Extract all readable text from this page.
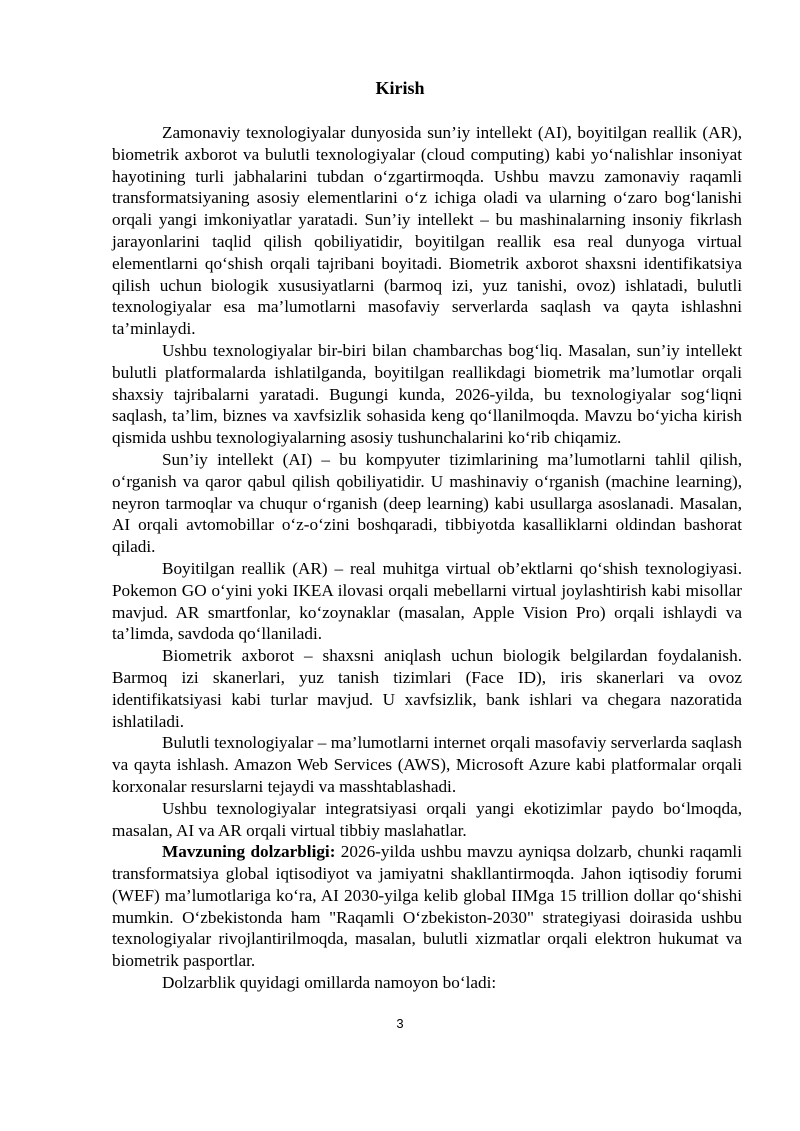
Kirish

Zamonaviy texnologiyalar dunyosida sun’iy intellekt (AI), boyitilgan reallik (AR), biometrik axborot va bulutli texnologiyalar (cloud computing) kabi yo‘nalishlar insoniyat hayotining turli jabhalarini tubdan o‘zgartirmoqda. Ushbu mavzu zamonaviy raqamli transformatsiyaning asosiy elementlarini o‘z ichiga oladi va ularning o‘zaro bog‘lanishi orqali yangi imkoniyatlar yaratadi. Sun’iy intellekt – bu mashinalarning insoniy fikrlash jarayonlarini taqlid qilish qobiliyatidir, boyitilgan reallik esa real dunyoga virtual elementlarni qo‘shish orqali tajribani boyitadi. Biometrik axborot shaxsni identifikatsiya qilish uchun biologik xususiyatlarni (barmoq izi, yuz tanishi, ovoz) ishlatadi, bulutli texnologiyalar esa ma’lumotlarni masofaviy serverlarda saqlash va qayta ishlashni ta’minlaydi.

Ushbu texnologiyalar bir-biri bilan chambarchas bog‘liq. Masalan, sun’iy intellekt bulutli platformalarda ishlatilganda, boyitilgan reallikdagi biometrik ma’lumotlar orqali shaxsiy tajribalarni yaratadi. Bugungi kunda, 2026-yilda, bu texnologiyalar sog‘liqni saqlash, ta’lim, biznes va xavfsizlik sohasida keng qo‘llanilmoqda. Mavzu bo‘yicha kirish qismida ushbu texnologiyalarning asosiy tushunchalarini ko‘rib chiqamiz.

Sun’iy intellekt (AI) – bu kompyuter tizimlarining ma’lumotlarni tahlil qilish, o‘rganish va qaror qabul qilish qobiliyatidir. U mashinaviy o‘rganish (machine learning), neyron tarmoqlar va chuqur o‘rganish (deep learning) kabi usullarga asoslanadi. Masalan, AI orqali avtomobillar o‘z-o‘zini boshqaradi, tibbiyotda kasalliklarni oldindan bashorat qiladi.

Boyitilgan reallik (AR) – real muhitga virtual ob’ektlarni qo‘shish texnologiyasi. Pokemon GO o‘yini yoki IKEA ilovasi orqali mebellarni virtual joylashtirish kabi misollar mavjud. AR smartfonlar, ko‘zoynaklar (masalan, Apple Vision Pro) orqali ishlaydi va ta’limda, savdoda qo‘llaniladi.

Biometrik axborot – shaxsni aniqlash uchun biologik belgilardan foydalanish. Barmoq izi skanerlari, yuz tanish tizimlari (Face ID), iris skanerlari va ovoz identifikatsiyasi kabi turlar mavjud. U xavfsizlik, bank ishlari va chegara nazoratida ishlatiladi.

Bulutli texnologiyalar – ma’lumotlarni internet orqali masofaviy serverlarda saqlash va qayta ishlash. Amazon Web Services (AWS), Microsoft Azure kabi platformalar orqali korxonalar resurslarni tejaydi va masshtablashadi.

Ushbu texnologiyalar integratsiyasi orqali yangi ekotizimlar paydo bo‘lmoqda, masalan, AI va AR orqali virtual tibbiy maslahatlar.

Mavzuning dolzarbligi: 2026-yilda ushbu mavzu ayniqsa dolzarb, chunki raqamli transformatsiya global iqtisodiyot va jamiyatni shakllantirmoqda. Jahon iqtisodiy forumi (WEF) ma’lumotlariga ko‘ra, AI 2030-yilga kelib global IIMga 15 trillion dollar qo‘shishi mumkin. O‘zbekistonda ham "Raqamli O‘zbekiston-2030" strategiyasi doirasida ushbu texnologiyalar rivojlantirilmoqda, masalan, bulutli xizmatlar orqali elektron hukumat va biometrik pasportlar.

Dolzarblik quyidagi omillarda namoyon bo‘ladi:

3
